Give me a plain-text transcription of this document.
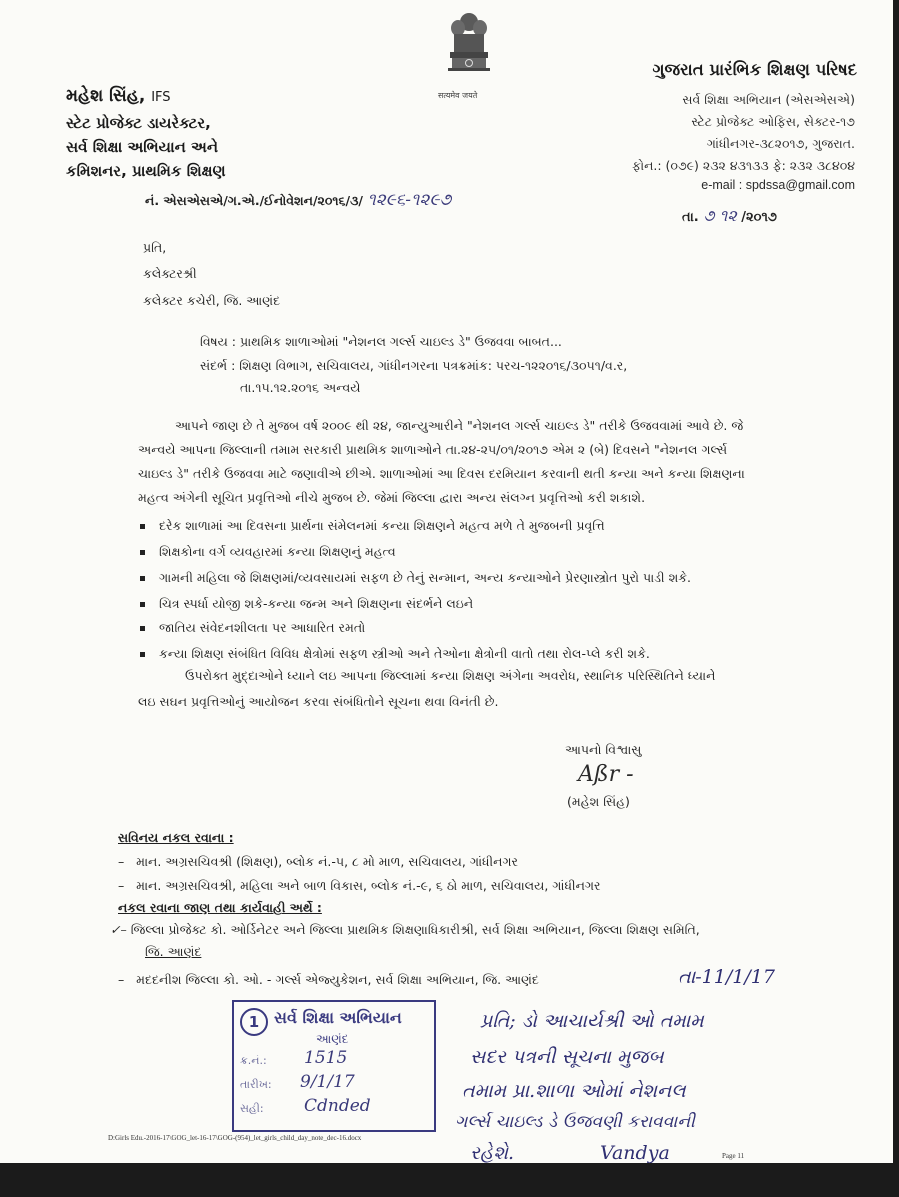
सत्यमेव जयते
મહેશ સિંહ, IFS
સ્ટેટ પ્રોજેક્ટ ડાયરેક્ટર,
સર્વ શિક્ષા અભિયાન અને
કમિશનર, પ્રાથમિક શિક્ષણ
ગુજરાત પ્રારંભિક શિક્ષણ પરિષદ
સર્વ શિક્ષા અભિયાન (એસએસએ)
સ્ટેટ પ્રોજેક્ટ ઓફિસ, સેક્ટર-૧૭
ગાંધીનગર-૩૮૨૦૧૭, ગુજરાત.
ફોન.: (૦૭૯) ૨૩૨ ૪૩૧૩૩ ફે: ૨૩૨ ૩૮૪૦૪
e-mail : spdssa@gmail.com
નં. એસએસએ/ગ.એ./ઈનોવેશન/૨૦૧૬/૩/ ૧૨૯૬-૧૨૯૭
તા. ૭ ૧૨ /૨૦૧૭
પ્રતિ,
કલેક્ટરશ્રી
કલેક્ટર કચેરી, જિ. આણંદ
વિષય : પ્રાથમિક શાળાઓમાં "નેશનલ ગર્લ્સ ચાઇલ્ડ ડે" ઉજવવા બાબત...
સંદર્ભ : શિક્ષણ વિભાગ, સચિવાલય, ગાંધીનગરના પત્રક્રમાંક: પરચ-૧૨૨૦૧૬/૩૦૫૧/વ.ર,
તા.૧૫.૧૨.૨૦૧૬ અન્વયે
આપને જાણ છે તે મુજબ વર્ષ ૨૦૦૯ થી ૨૪, જાન્યુઆરીને "નેશનલ ગર્લ્સ ચાઇલ્ડ ડે" તરીકે ઉજવવામાં આવે છે. જે
અન્વયે આપના જિલ્લાની તમામ સરકારી પ્રાથમિક શાળાઓને તા.૨૪-૨૫/૦૧/૨૦૧૭ એમ ૨ (બે) દિવસને "નેશનલ ગર્લ્સ
ચાઇલ્ડ ડે" તરીકે ઉજવવા માટે જણાવીએ છીએ. શાળાઓમાં આ દિવસ દરમિયાન કરવાની થતી કન્યા અને કન્યા શિક્ષણના
મહત્વ અંગેની સૂચિત પ્રવૃત્તિઓ નીચે મુજબ છે. જેમાં જિલ્લા દ્વારા અન્ય સંલગ્ન પ્રવૃત્તિઓ કરી શકાશે.
દરેક શાળામાં આ દિવસના પ્રાર્થના સંમેલનમાં કન્યા શિક્ષણને મહત્વ મળે તે મુજબની પ્રવૃત્તિ
શિક્ષકોના વર્ગ વ્યવહારમાં કન્યા શિક્ષણનું મહત્વ
ગામની મહિલા જે શિક્ષણમાં/વ્યવસાયમાં સફળ છે તેનું સન્માન, અન્ય કન્યાઓને પ્રેરણાસ્ત્રોત પુરો પાડી શકે.
ચિત્ર સ્પર્ધા યોજી શકે-કન્યા જન્મ અને શિક્ષણના સંદર્ભને લઇને
જાતિય સંવેદનશીલતા પર આધારિત રમતો
કન્યા શિક્ષણ સંબંધિત વિવિધ ક્ષેત્રોમાં સફળ સ્ત્રીઓ અને તેઓના ક્ષેત્રોની વાતો તથા રોલ-પ્લે કરી શકે.
ઉપરોક્ત મુદ્દાઓને ધ્યાને લઇ આપના જિલ્લામાં કન્યા શિક્ષણ અંગેના અવરોધ, સ્થાનિક પરિસ્થિતિને ધ્યાને
લઇ સઘન પ્રવૃત્તિઓનું આયોજન કરવા સંબંધિતોને સૂચના થવા વિનંતી છે.
આપનો વિશ્વાસુ
Aßr -
(મહેશ સિંહ)
સવિનય નકલ રવાના :
–   માન. અગ્રસચિવશ્રી (શિક્ષણ), બ્લોક નં.-૫, ૮ મો માળ, સચિવાલય, ગાંધીનગર
–   માન. અગ્રસચિવશ્રી, મહિલા અને બાળ વિકાસ, બ્લોક નં.-૯, ૬ ઠો માળ, સચિવાલય, ગાંધીનગર
નકલ રવાના જાણ તથા કાર્યવાહી અર્થે :
✓– જિલ્લા પ્રોજેક્ટ કો. ઓર્ડિનેટર અને જિલ્લા પ્રાથમિક શિક્ષણાધિકારીશ્રી, સર્વ શિક્ષા અભિયાન, જિલ્લા શિક્ષણ સમિતિ,
જિ. આણંદ
–   મદદનીશ જિલ્લા કો. ઓ. - ગર્લ્સ એજ્યુકેશન, સર્વ શિક્ષા અભિયાન, જિ. આણંદ
1 સર્વ શિક્ષા અભિયાન
આણંદ
ક્ર.નં.: 1515
તારીખ: 9/1/17
સહી: Cdnded
તા-11/1/17
પ્રતિ; ડો આચાર્યશ્રી ઓ તમામ
સદર પત્રની સૂચના મુજબ
તમામ પ્રા.શાળા ઓમાં નેશનલ
ગર્લ્સ ચાઇલ્ડ ડે ઉજવણી કરાવવાની
રહેશે.	Vandya
D:Girls Edu.-2016-17\GOG_let-16-17\GOG-(954)_let_girls_child_day_note_dec-16.docx
Page 11
